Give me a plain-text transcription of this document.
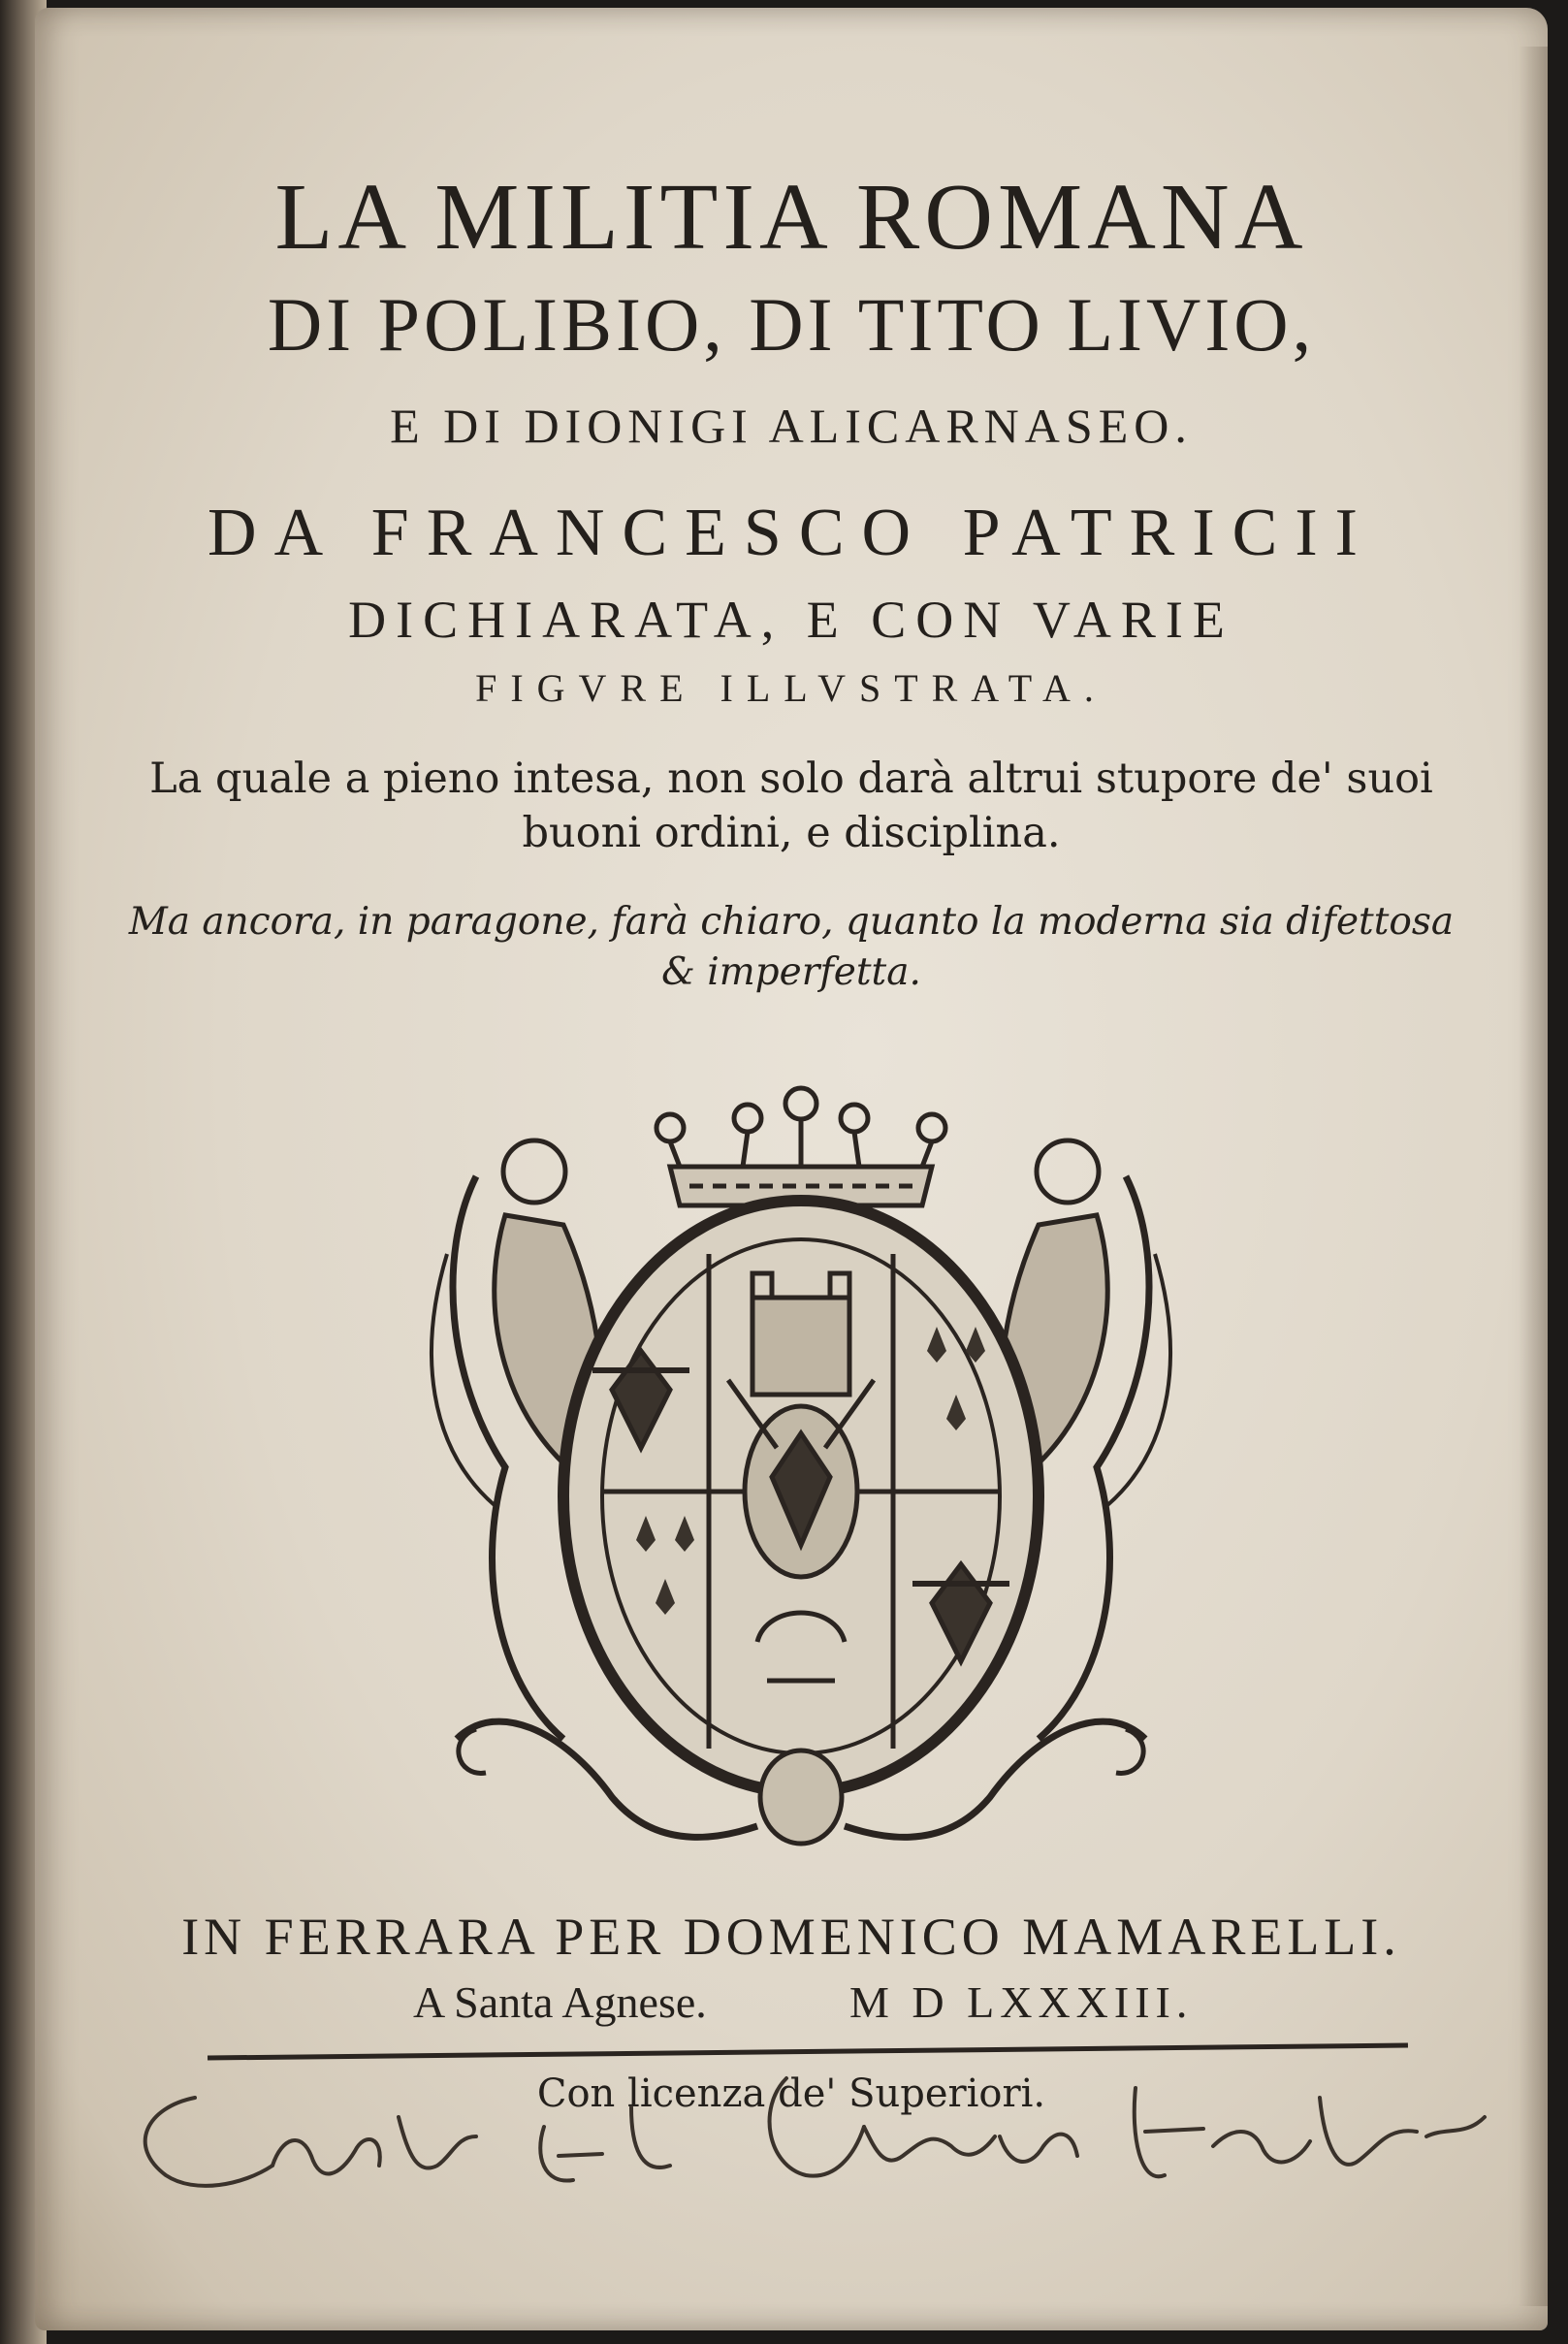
LA MILITIA ROMANA
DI POLIBIO, DI TITO LIVIO,
E DI DIONIGI ALICARNASEO.
DA FRANCESCO PATRICII
DICHIARATA, E CON VARIE
FIGVRE ILLVSTRATA.
La quale a pieno intesa, non solo darà altrui stupore de' suoi
buoni ordini, e disciplina.
Ma ancora, in paragone, farà chiaro, quanto la moderna sia difettosa
& imperfetta.
IN FERRARA PER DOMENICO MAMARELLI.
A Santa Agnese.	M D LXXXIII.
Con licenza de' Superiori.
